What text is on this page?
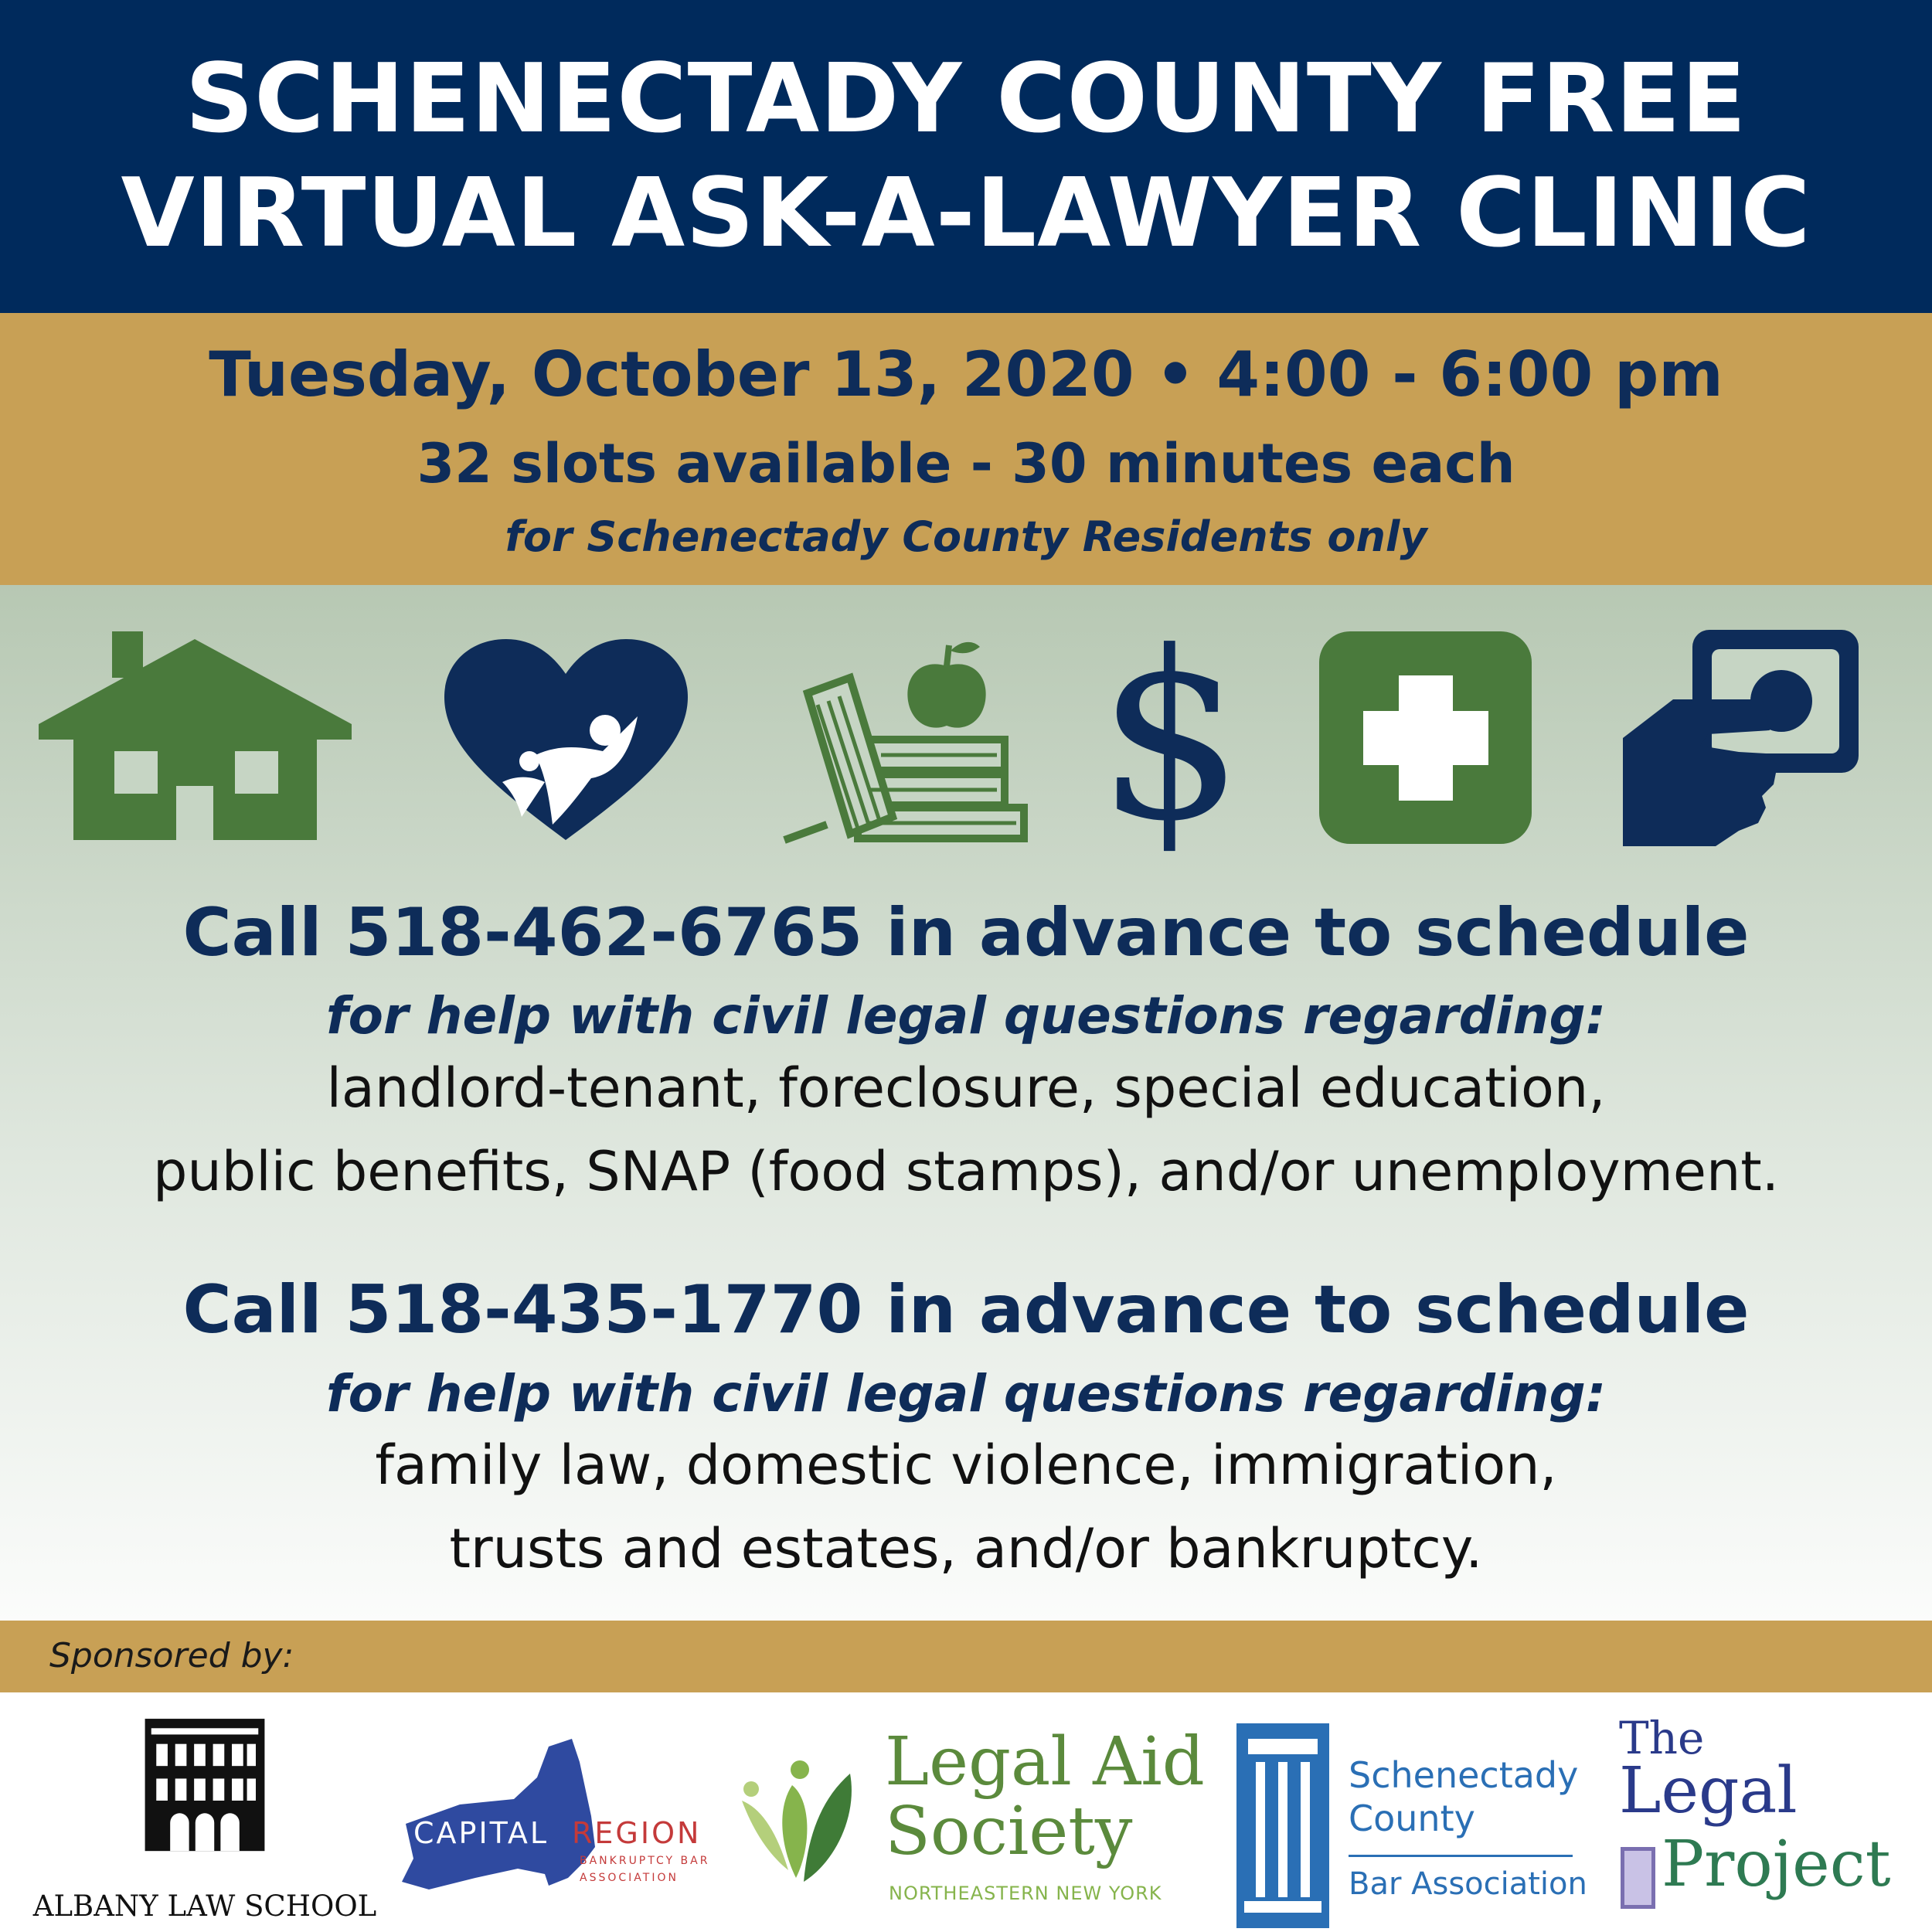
SCHENECTADY COUNTY FREE
VIRTUAL ASK-A-LAWYER CLINIC
Tuesday, October 13, 2020 • 4:00 - 6:00 pm
32 slots available - 30 minutes each
for Schenectady County Residents only
$
Call 518-462-6765 in advance to schedule
for help with civil legal questions regarding:
landlord-tenant, foreclosure, special education,
public benefits, SNAP (food stamps), and/or unemployment.
Call 518-435-1770 in advance to schedule
for help with civil legal questions regarding:
family law, domestic violence, immigration,
trusts and estates, and/or bankruptcy.
Sponsored by:
ALBANY LAW SCHOOL
CAPITAL REGION
BANKRUPTCY BAR
ASSOCIATION
Legal Aid
Society
NORTHEASTERN NEW YORK
Schenectady
County
Bar Association
The
Legal
Project
